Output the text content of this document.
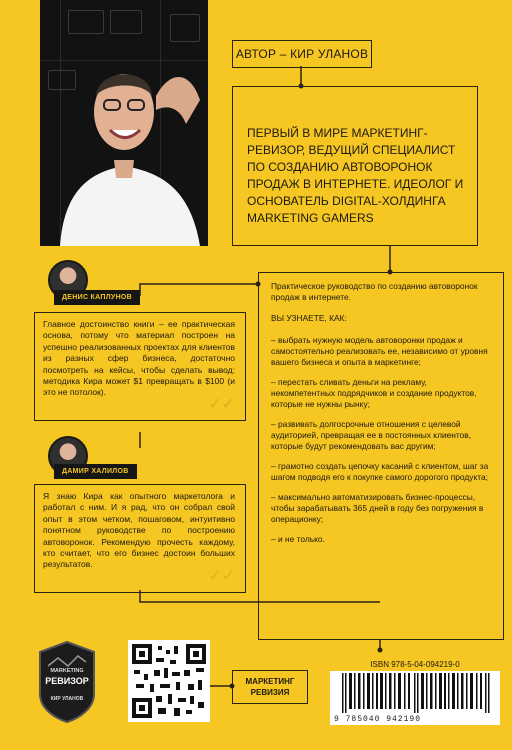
АВТОР – КИР УЛАНОВ
ПЕРВЫЙ В МИРЕ МАРКЕТИНГ-РЕВИЗОР, ВЕДУЩИЙ СПЕЦИАЛИСТ ПО СОЗДАНИЮ АВТОВОРОНОК ПРОДАЖ В ИНТЕРНЕТЕ. ИДЕОЛОГ И ОСНОВАТЕЛЬ DIGITAL-ХОЛДИНГА MARKETING GAMERS
ДЕНИС КАПЛУНОВ
Главное достоинство книги – ее практическая основа, потому что материал построен на успешно реализованных проектах для клиентов из разных сфер бизнеса, достаточно посмотреть на кейсы, чтобы сделать вывод: методика Кира может $1 превращать в $100 (и это не потолок).
✓✓
ДАМИР ХАЛИЛОВ
Я знаю Кира как опытного маркетолога и работал с ним. И я рад, что он собрал свой опыт в этом четком, пошаговом, интуитивно понятном руководстве по построению автоворонок. Рекомендую прочесть каждому, кто считает, что его бизнес достоин больших результатов.
✓✓

Практическое руководство по созданию автоворонок продаж в интернете.

ВЫ УЗНАЕТЕ, КАК:

– выбрать нужную модель автоворонки продаж и самостоятельно реализовать ее, независимо от уровня вашего бизнеса и опыта в маркетинге;
– перестать сливать деньги на рекламу, некомпетентных подрядчиков и создание продуктов, которые не нужны рынку;
– развивать долгосрочные отношения с целевой аудиторией, превращая ее в постоянных клиентов, которые будут рекомендовать вас другим;
– грамотно создать цепочку касаний с клиентом, шаг за шагом подводя его к покупке самого дорогого продукта;
– максимально автоматизировать бизнес-процессы, чтобы зарабатывать 365 дней в году без погружения в операционку;
– и не только.
MARKETING
РЕВИЗОР
КИР УЛАНОВ
МАРКЕТИНГ
РЕВИЗИЯ
ISBN 978-5-04-094219-0
9 785040 942190
